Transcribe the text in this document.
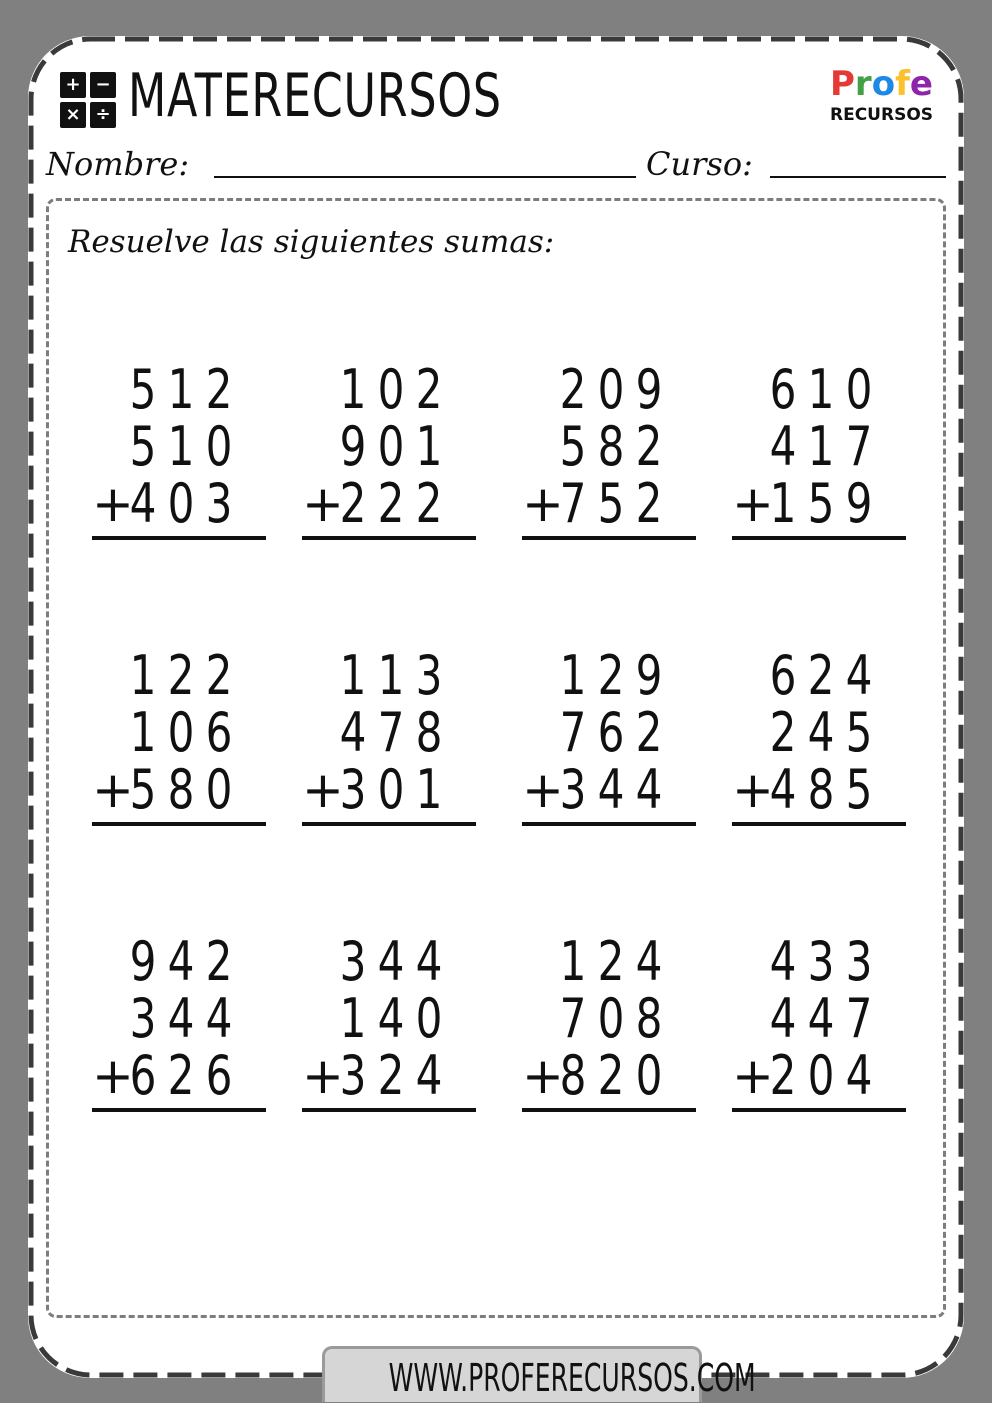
+ −
× ÷ MATERECURSOS	Profe
RECURSOS
Nombre:	Curso:
Resuelve las siguientes sumas:
5 1 2
5 1 0
4 0 3
+
1 0 2
9 0 1
2 2 2
+
2 0 9
5 8 2
7 5 2
+
6 1 0
4 1 7
1 5 9
+
1 2 2
1 0 6
5 8 0
+
1 1 3
4 7 8
3 0 1
+
1 2 9
7 6 2
3 4 4
+
6 2 4
2 4 5
4 8 5
+
9 4 2
3 4 4
6 2 6
+
3 4 4
1 4 0
3 2 4
+
1 2 4
7 0 8
8 2 0
+
4 3 3
4 4 7
2 0 4
+
WWW.PROFERECURSOS.COM
